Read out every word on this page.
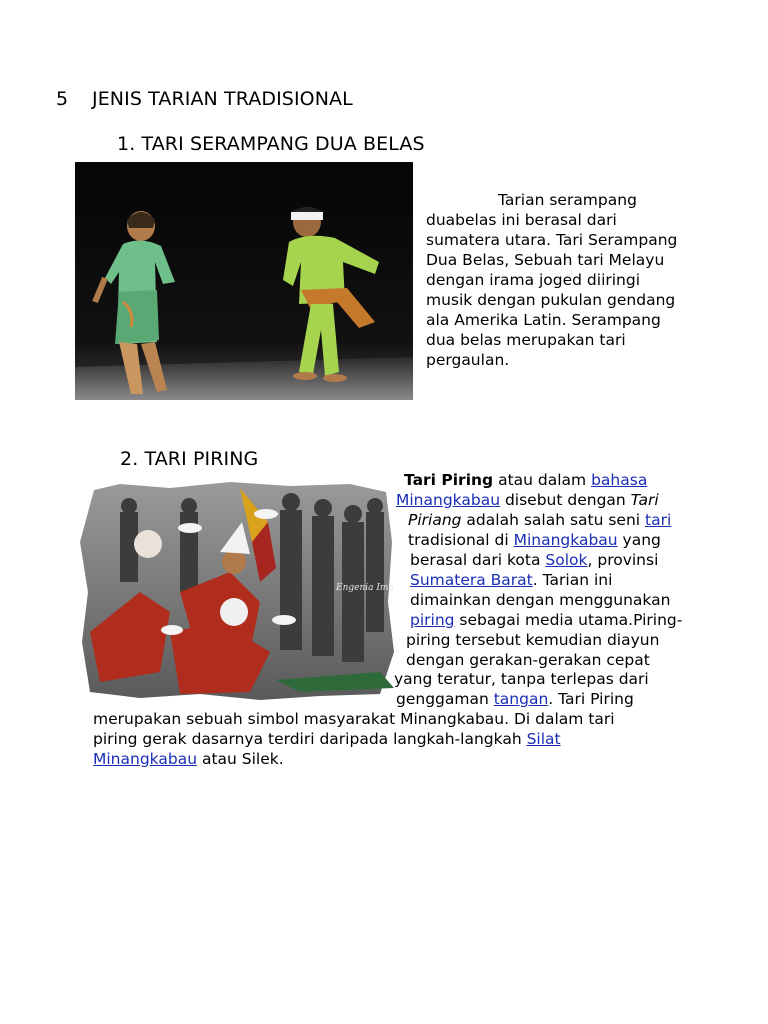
5 JENIS TARIAN TRADISIONAL
1. TARI SERAMPANG DUA BELAS
Tarian serampang
duabelas ini berasal dari
sumatera utara. Tari Serampang
Dua Belas, Sebuah tari Melayu
dengan irama joged diiringi
musik dengan pukulan gendang
ala Amerika Latin. Serampang
dua belas merupakan tari
pergaulan.
2. TARI PIRING
Engenia Ima
Tari Piring atau dalam bahasa
Minangkabau disebut dengan Tari
Piriang adalah salah satu seni tari
tradisional di Minangkabau yang
berasal dari kota Solok, provinsi
Sumatera Barat. Tarian ini
dimainkan dengan menggunakan
piring sebagai media utama.Piring-
piring tersebut kemudian diayun
dengan gerakan-gerakan cepat
yang teratur, tanpa terlepas dari
genggaman tangan. Tari Piring
merupakan sebuah simbol masyarakat Minangkabau. Di dalam tari
piring gerak dasarnya terdiri daripada langkah-langkah Silat
Minangkabau atau Silek.
